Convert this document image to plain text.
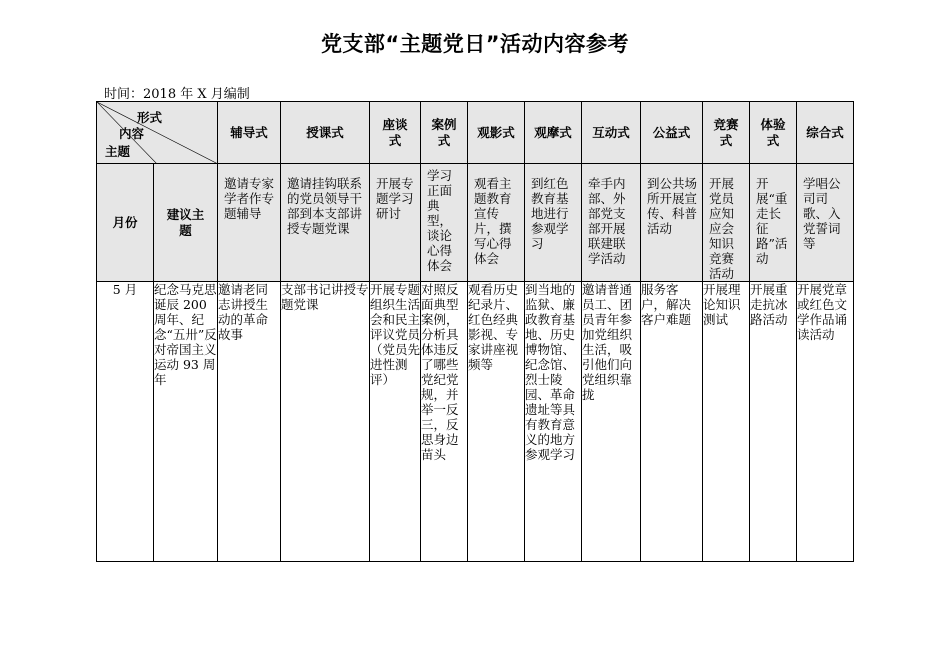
党支部“主题党日”活动内容参考
时间：2018 年 X 月编制
形式
内容
主题		辅导式	授课式	座谈式	案例式	观影式	观摩式	互动式	公益式	竞赛式	体验式	综合式
月份	建议主题	邀请专家学者作专题辅导	邀请挂钩联系的党员领导干部到本支部讲授专题党课	开展专题学习研讨	学习正面典型，谈论心得体会	观看主题教育宣传片，撰写心得体会	到红色教育基地进行参观学习	牵手内部、外部党支部开展联建联学活动	到公共场所开展宣传、科普活动	开展党员应知应会知识竞赛活动	开展“重走长征路”活动	学唱公司司歌、入党誓词等
5 月	纪念马克思诞辰 200 周年、纪念“五卅”反对帝国主义运动 93 周年	邀请老同志讲授生动的革命故事	支部书记讲授专题党课	开展专题组织生活会和民主评议党员（党员先进性测评）	对照反面典型案例，分析具体违反了哪些党纪党规，并举一反三，反思身边苗头	观看历史纪录片、红色经典影视、专家讲座视频等	到当地的监狱、廉政教育基地、历史博物馆、纪念馆、烈士陵园、革命遗址等具有教育意义的地方参观学习	邀请普通员工、团员青年参加党组织生活，吸引他们向党组织靠拢	服务客户，解决客户难题	开展理论知识测试	开展重走抗冰路活动	开展党章或红色文学作品诵读活动
